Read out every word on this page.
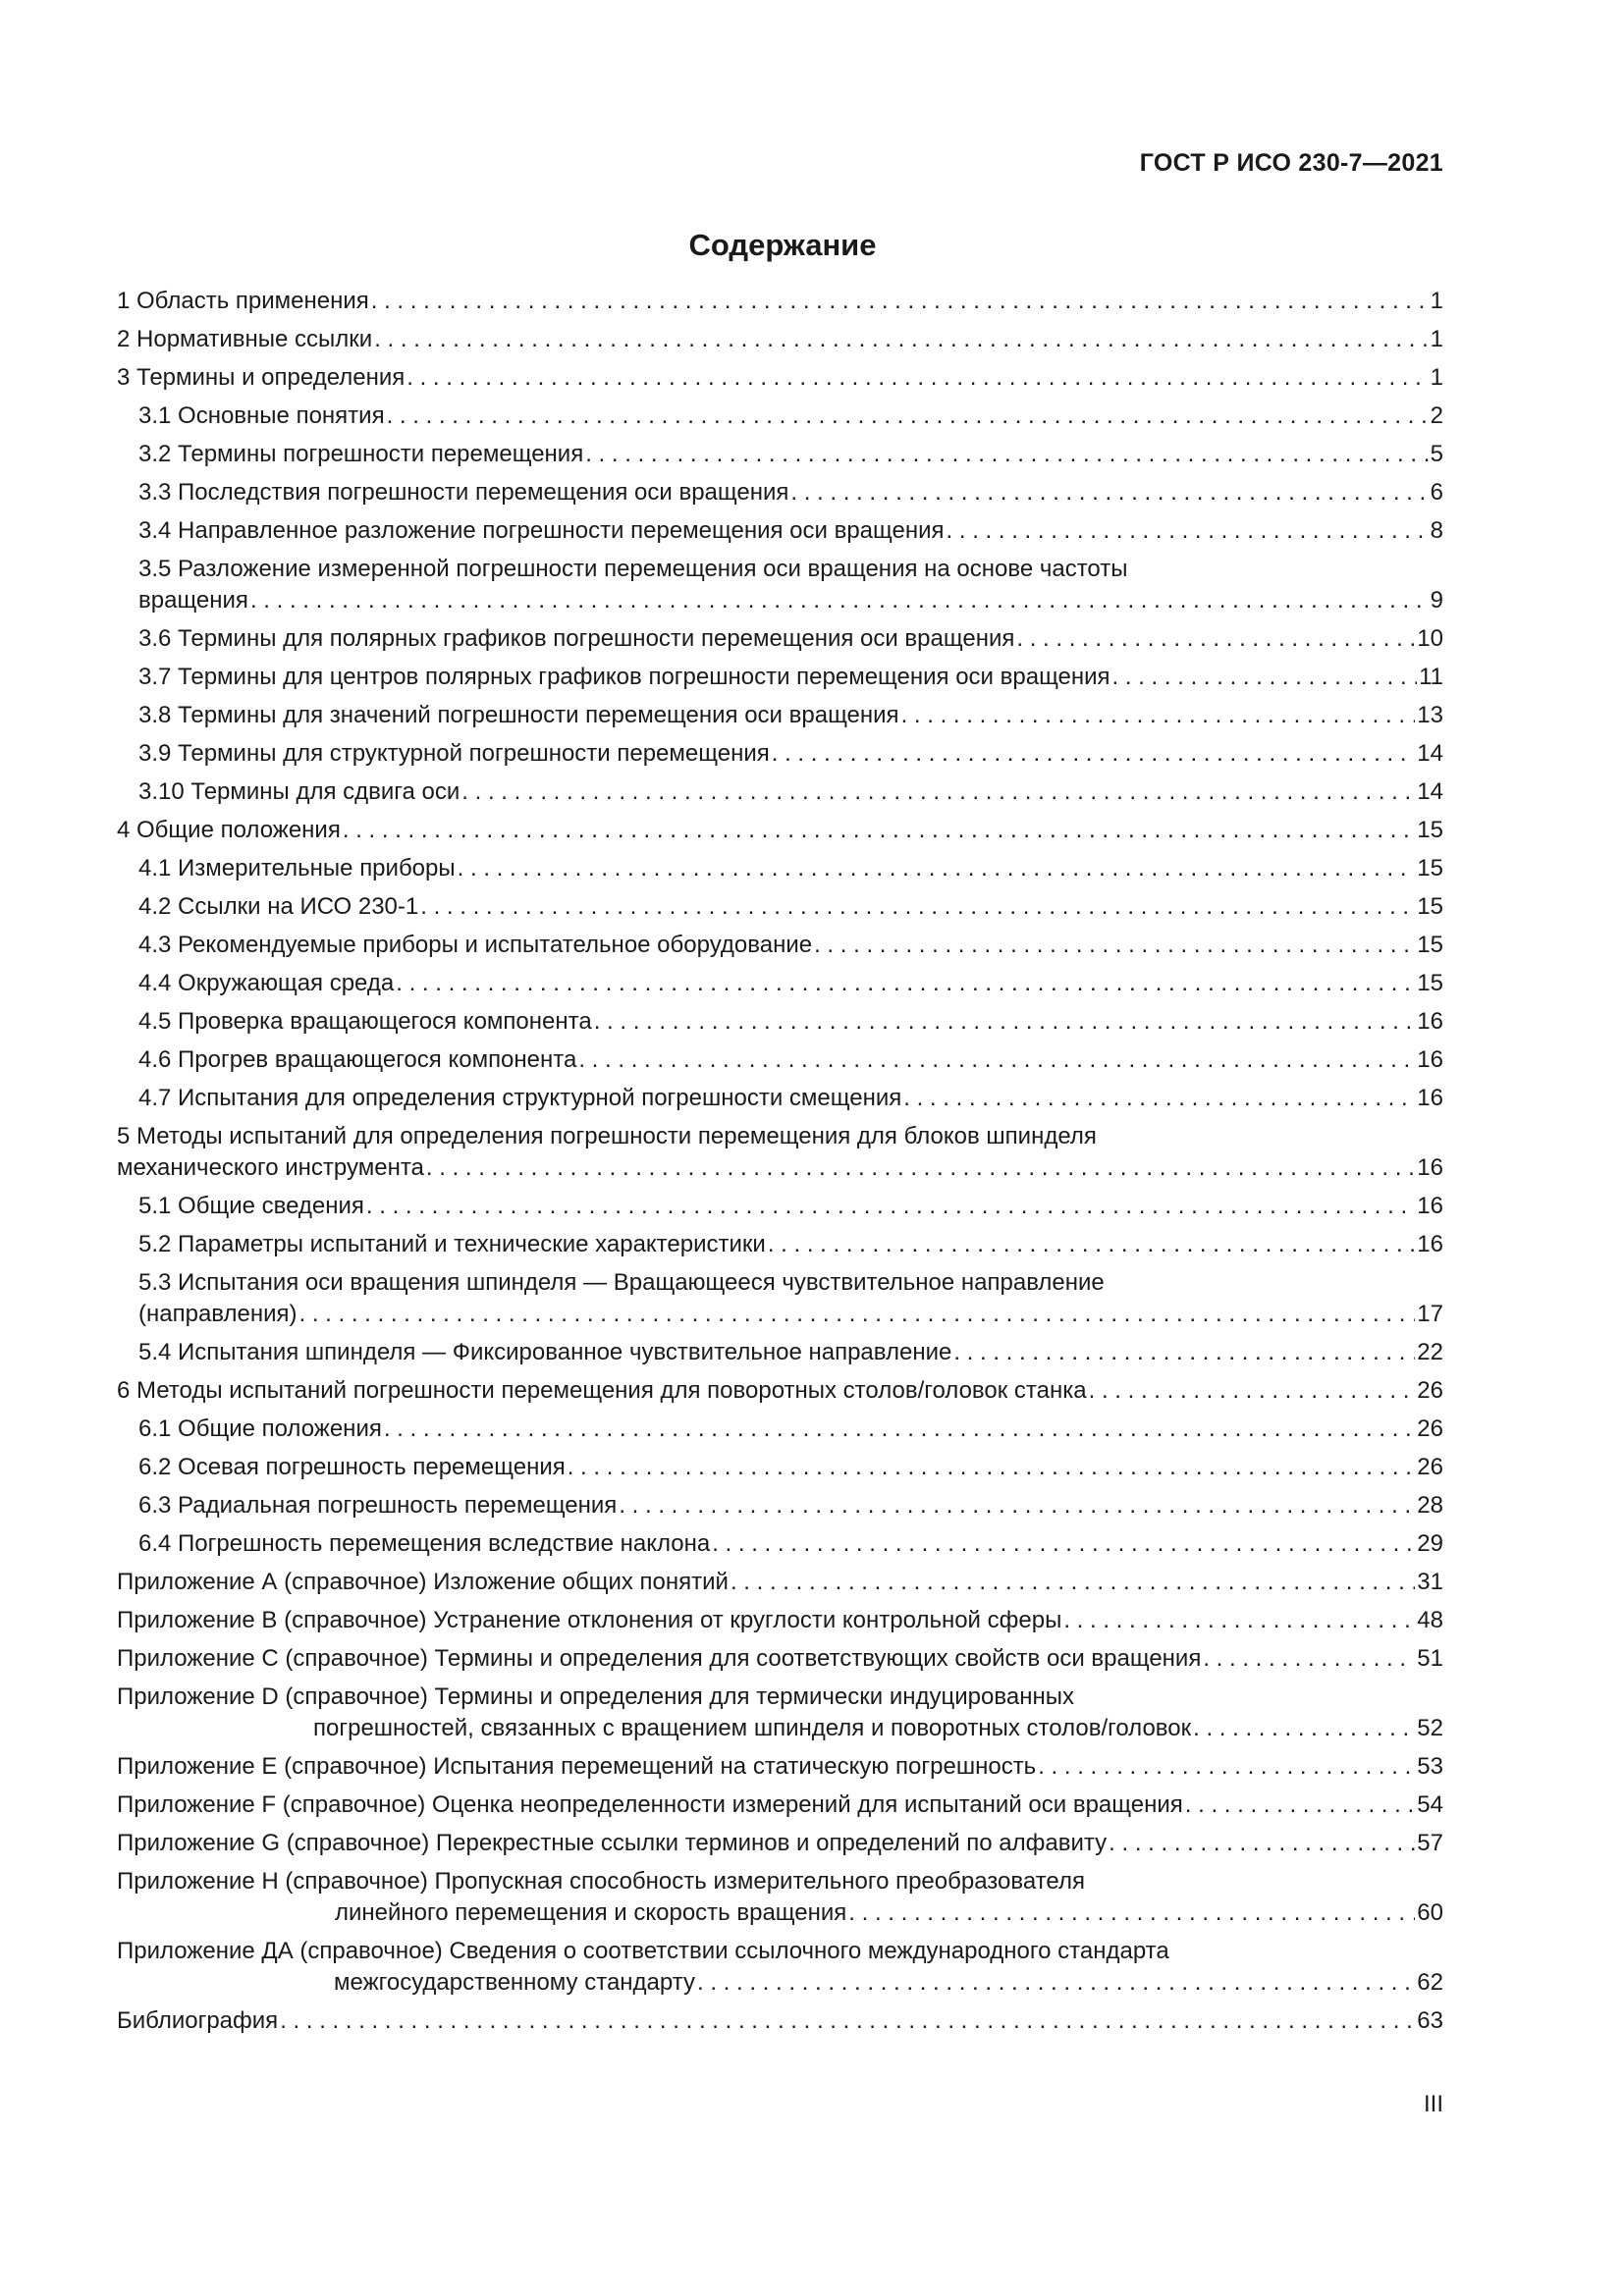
ГОСТ Р ИСО 230-7—2021
Содержание
1 Область применения . . .	1
2 Нормативные ссылки . . .	1
3 Термины и определения . . .	1
3.1 Основные понятия . . .	2
3.2 Термины погрешности перемещения . . .	5
3.3 Последствия погрешности перемещения оси вращения . . .	6
3.4 Направленное разложение погрешности перемещения оси вращения . . .	8
3.5 Разложение измеренной погрешности перемещения оси вращения на основе частоты
вращения . . .	9
3.6 Термины для полярных графиков погрешности перемещения оси вращения . . .	10
3.7 Термины для центров полярных графиков погрешности перемещения оси вращения . . .	11
3.8 Термины для значений погрешности перемещения оси вращения . . .	13
3.9 Термины для структурной погрешности перемещения . . .	14
3.10 Термины для сдвига оси . . .	14
4 Общие положения . . .	15
4.1 Измерительные приборы . . .	15
4.2 Ссылки на ИСО 230-1 . . .	15
4.3 Рекомендуемые приборы и испытательное оборудование . . .	15
4.4 Окружающая среда . . .	15
4.5 Проверка вращающегося компонента . . .	16
4.6 Прогрев вращающегося компонента . . .	16
4.7 Испытания для определения структурной погрешности смещения . . .	16
5 Методы испытаний для определения погрешности перемещения для блоков шпинделя
механического инструмента . . .	16
5.1 Общие сведения . . .	16
5.2 Параметры испытаний и технические характеристики . . .	16
5.3 Испытания оси вращения шпинделя — Вращающееся чувствительное направление
(направления) . . .	17
5.4 Испытания шпинделя — Фиксированное чувствительное направление . . .	22
6 Методы испытаний погрешности перемещения для поворотных столов/головок станка . . .	26
6.1 Общие положения . . .	26
6.2 Осевая погрешность перемещения . . .	26
6.3 Радиальная погрешность перемещения . . .	28
6.4 Погрешность перемещения вследствие наклона . . .	29
Приложение А (справочное) Изложение общих понятий . . .	31
Приложение В (справочное) Устранение отклонения от круглости контрольной сферы . . .	48
Приложение С (справочное) Термины и определения для соответствующих свойств оси вращения . . .	51
Приложение D (справочное) Термины и определения для термически индуцированных
погрешностей, связанных с вращением шпинделя и поворотных столов/головок . . .	52
Приложение Е (справочное) Испытания перемещений на статическую погрешность . . .	53
Приложение F (справочное) Оценка неопределенности измерений для испытаний оси вращения . . .	54
Приложение G (справочное) Перекрестные ссылки терминов и определений по алфавиту . . .	57
Приложение Н (справочное) Пропускная способность измерительного преобразователя
линейного перемещения и скорость вращения . . .	60
Приложение ДА (справочное) Сведения о соответствии ссылочного международного стандарта
межгосударственному стандарту . . .	62
Библиография . . .	63
III
